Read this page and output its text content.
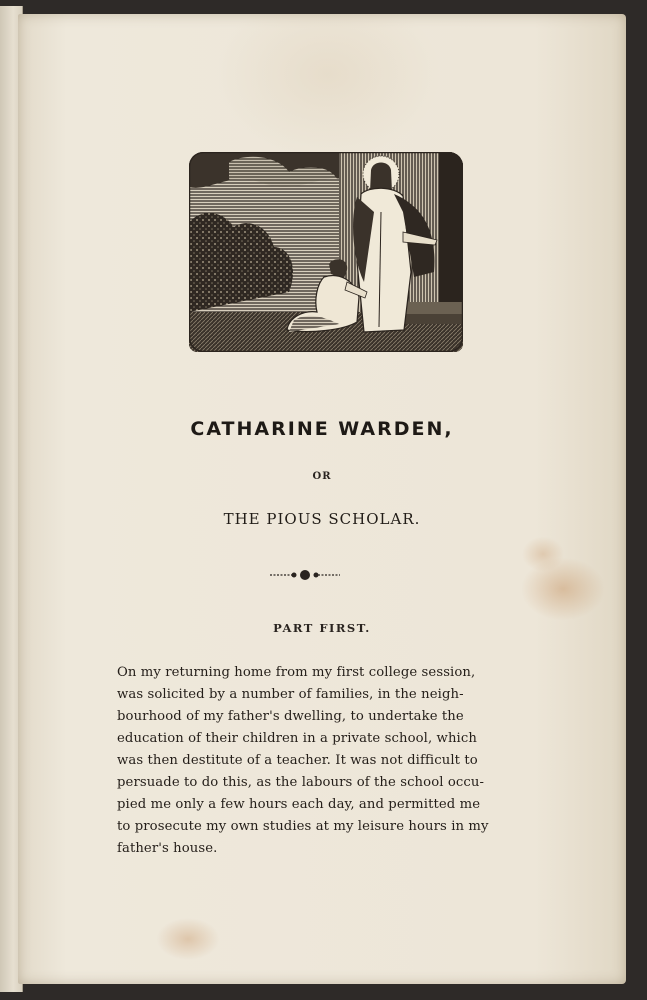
CATHARINE WARDEN,
OR
THE PIOUS SCHOLAR.
PART FIRST.
On my returning home from my first college session,
was solicited by a number of families, in the neigh-
bourhood of my father's dwelling, to undertake the
education of their children in a private school, which
was then destitute of a teacher. It was not difficult to
persuade to do this, as the labours of the school occu-
pied me only a few hours each day, and permitted me
to prosecute my own studies at my leisure hours in my
father's house.
